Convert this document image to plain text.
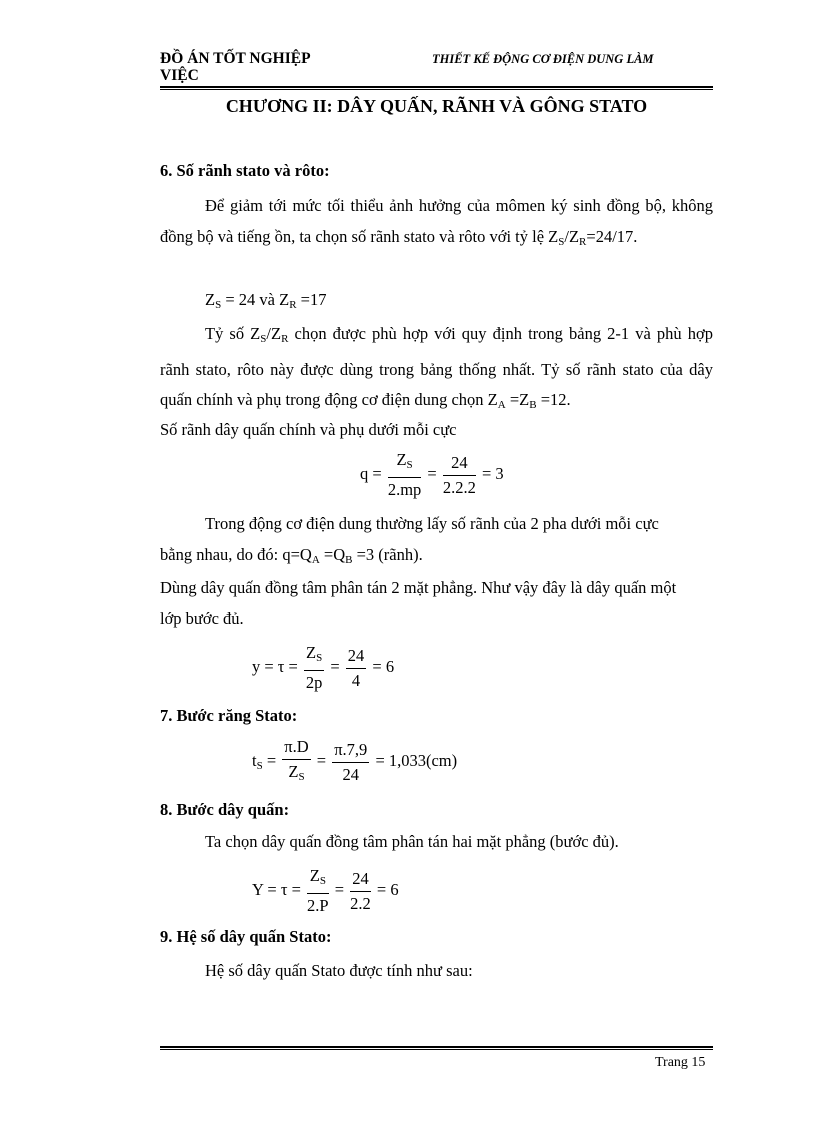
ĐỒ ÁN TỐT NGHIỆP
VIỆC
THIẾT KẾ ĐỘNG CƠ ĐIỆN DUNG LÀM
CHƯƠNG II: DÂY QUẤN, RÃNH VÀ GÔNG STATO
6. Số rãnh stato và rôto:
Để giảm tới mức tối thiểu ảnh hưởng của mômen ký sinh đồng bộ, không đồng bộ và tiếng ồn, ta chọn số rãnh stato và rôto với tỷ lệ $Z_S/Z_R=24/17$.
$Z_S = 24$ và $Z_R =17$
Tỷ số $Z_S/Z_R$ chọn được phù hợp với quy định trong bảng 2-1 và phù hợp rãnh stato, rôto này được dùng trong bảng thống nhất. Tỷ số rãnh stato của dây quấn chính và phụ trong động cơ điện dung chọn $Z_A =Z_B =12$.
Số rãnh dây quấn chính và phụ dưới mỗi cực
$q = \frac{Z_S}{2.mp} = \frac{24}{2.2.2} = 3$
Trong động cơ điện dung thường lấy số rãnh của 2 pha dưới mỗi cực
bằng nhau, do đó: $q=Q_A =Q_B =3$ (rãnh).
Dùng dây quấn đồng tâm phân tán 2 mặt phẳng. Như vậy đây là dây quấn một
lớp bước đủ.
$y = \tau = \frac{Z_S}{2p} = \frac{24}{4} = 6$
7. Bước răng Stato:
$t_S = \frac{\pi.D}{Z_S} = \frac{\pi.7,9}{24} = 1,033(cm)$
8. Bước dây quấn:
Ta chọn dây quấn đồng tâm phân tán hai mặt phẳng (bước đủ).
$Y = \tau = \frac{Z_S}{2.P} = \frac{24}{2.2} = 6$
9. Hệ số dây quấn Stato:
Hệ số dây quấn Stato được tính như sau:
Trang 15
